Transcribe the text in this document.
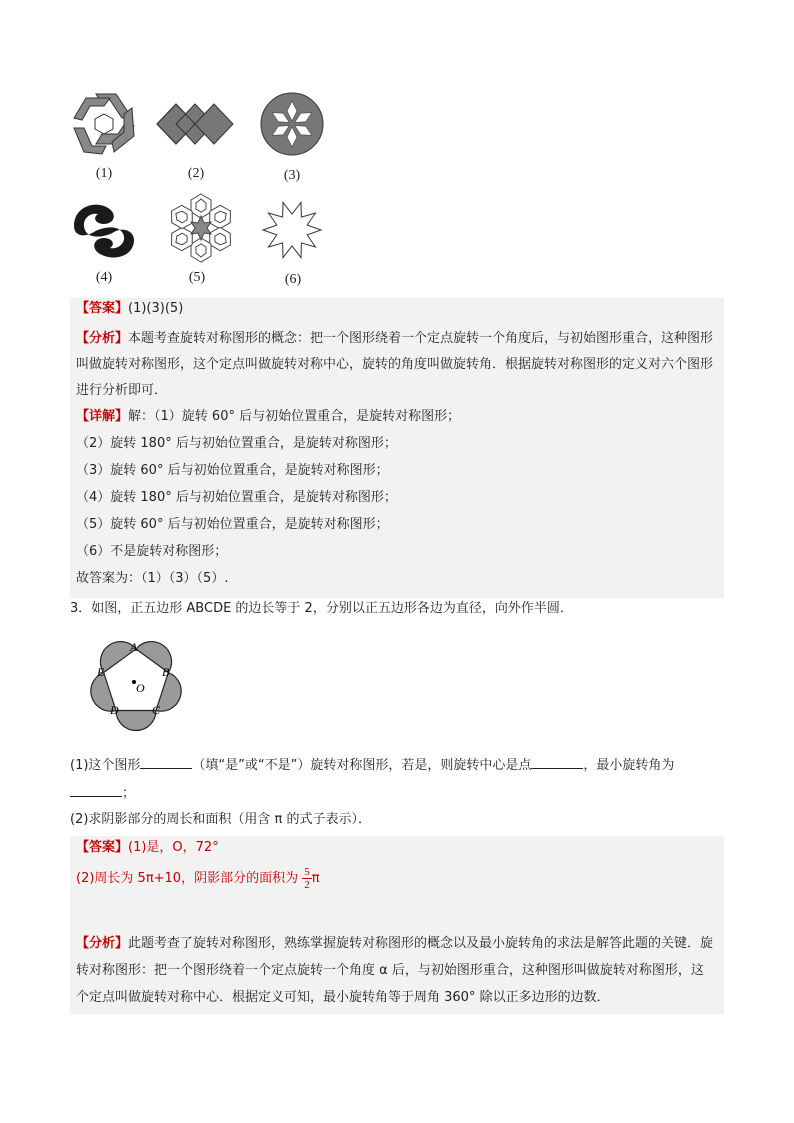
(1)	(2)	(3)
(4)	(5)	(6)
【答案】(1)(3)(5)
【分析】本题考查旋转对称图形的概念：把一个图形绕着一个定点旋转一个角度后，与初始图形重合，这种图形叫做旋转对称图形，这个定点叫做旋转对称中心，旋转的角度叫做旋转角．根据旋转对称图形的定义对六个图形进行分析即可．
【详解】解：（1）旋转 60° 后与初始位置重合，是旋转对称图形；
（2）旋转 180° 后与初始位置重合，是旋转对称图形；
（3）旋转 60° 后与初始位置重合，是旋转对称图形；
（4）旋转 180° 后与初始位置重合，是旋转对称图形；
（5）旋转 60° 后与初始位置重合，是旋转对称图形；
（6）不是旋转对称图形；
故答案为：（1）（3）（5）.
3．如图，正五边形 ABCDE 的边长等于 2，分别以正五边形各边为直径，向外作半圆．
A
B
C
D
E
O
(1)这个图形	（填“是”或“不是”）旋转对称图形，若是，则旋转中心是点	，最小旋转角为
；
(2)求阴影部分的周长和面积（用含 π 的式子表示）．
【答案】(1)是，O，72°
(2)周长为 5π+10，阴影部分的面积为 $\frac{5}{2}$ π
【分析】此题考查了旋转对称图形，熟练掌握旋转对称图形的概念以及最小旋转角的求法是解答此题的关键．旋转对称图形：把一个图形绕着一个定点旋转一个角度 α 后，与初始图形重合，这种图形叫做旋转对称图形，这个定点叫做旋转对称中心．根据定义可知，最小旋转角等于周角 360° 除以正多边形的边数．
